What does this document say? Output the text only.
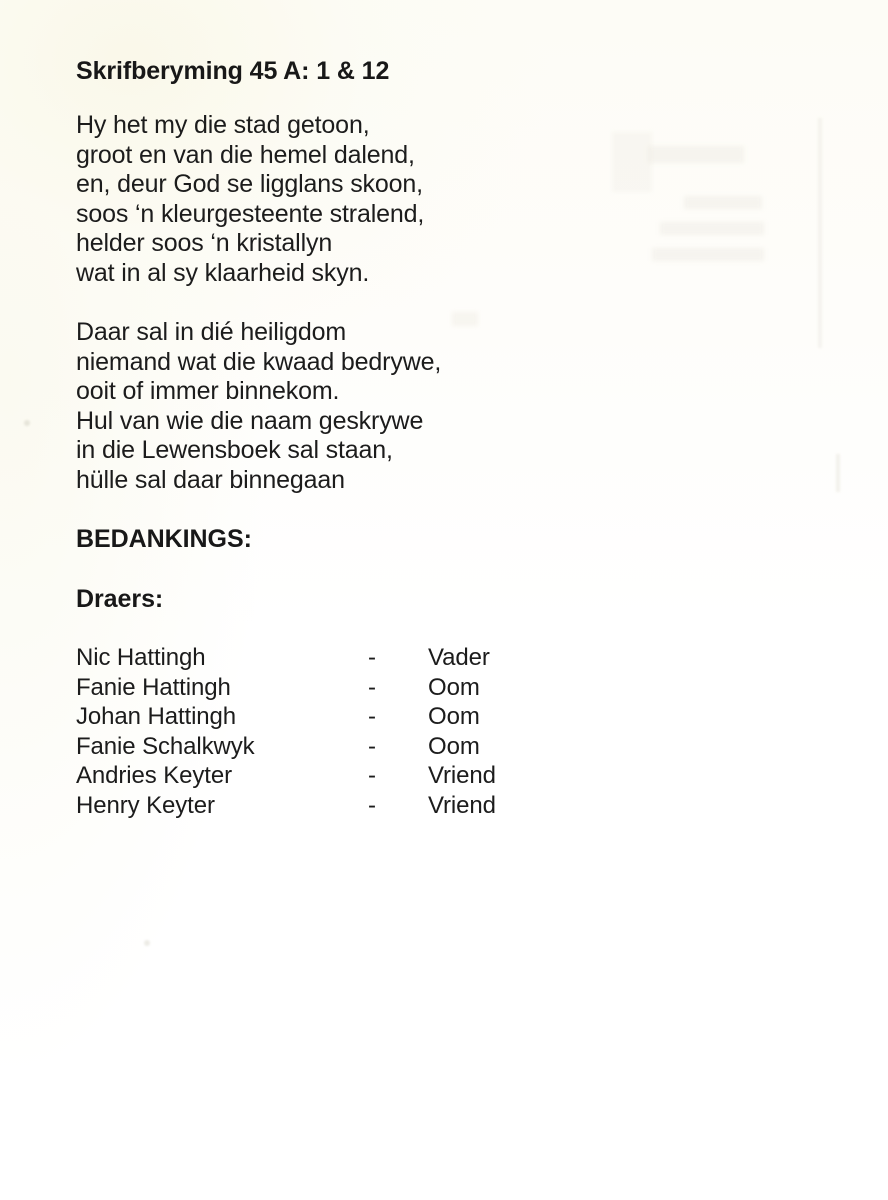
Skrifberyming 45 A: 1 & 12
Hy het my die stad getoon,
groot en van die hemel dalend,
en, deur God se ligglans skoon,
soos ‘n kleurgesteente stralend,
helder soos ‘n kristallyn
wat in al sy klaarheid skyn.
Daar sal in dié heiligdom
niemand wat die kwaad bedrywe,
ooit of immer binnekom.
Hul van wie die naam geskrywe
in die Lewensboek sal staan,
hülle sal daar binnegaan
BEDANKINGS:
Draers:
Nic Hattingh	-	Vader
Fanie Hattingh	-	Oom
Johan Hattingh	-	Oom
Fanie Schalkwyk	-	Oom
Andries Keyter	-	Vriend
Henry Keyter	-	Vriend
